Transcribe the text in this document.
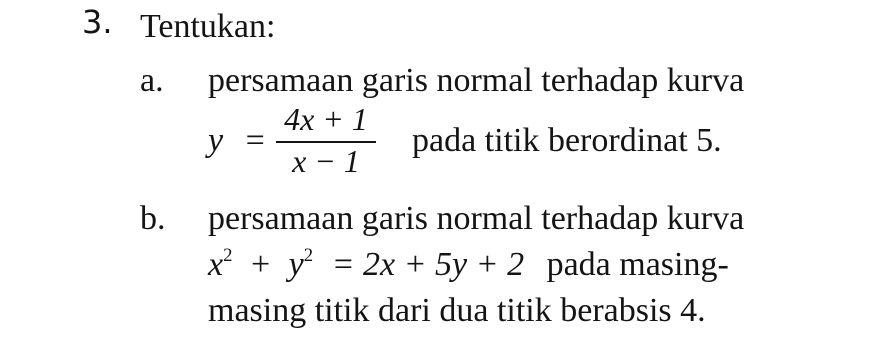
3. Tentukan:
a. persamaan garis normal terhadap kurva
y =
4x + 1
x − 1
pada titik berordinat 5.
b. persamaan garis normal terhadap kurva
$x^2 + y^2 = 2x + 5y + 2$ pada masing-
masing titik dari dua titik berabsis 4.
